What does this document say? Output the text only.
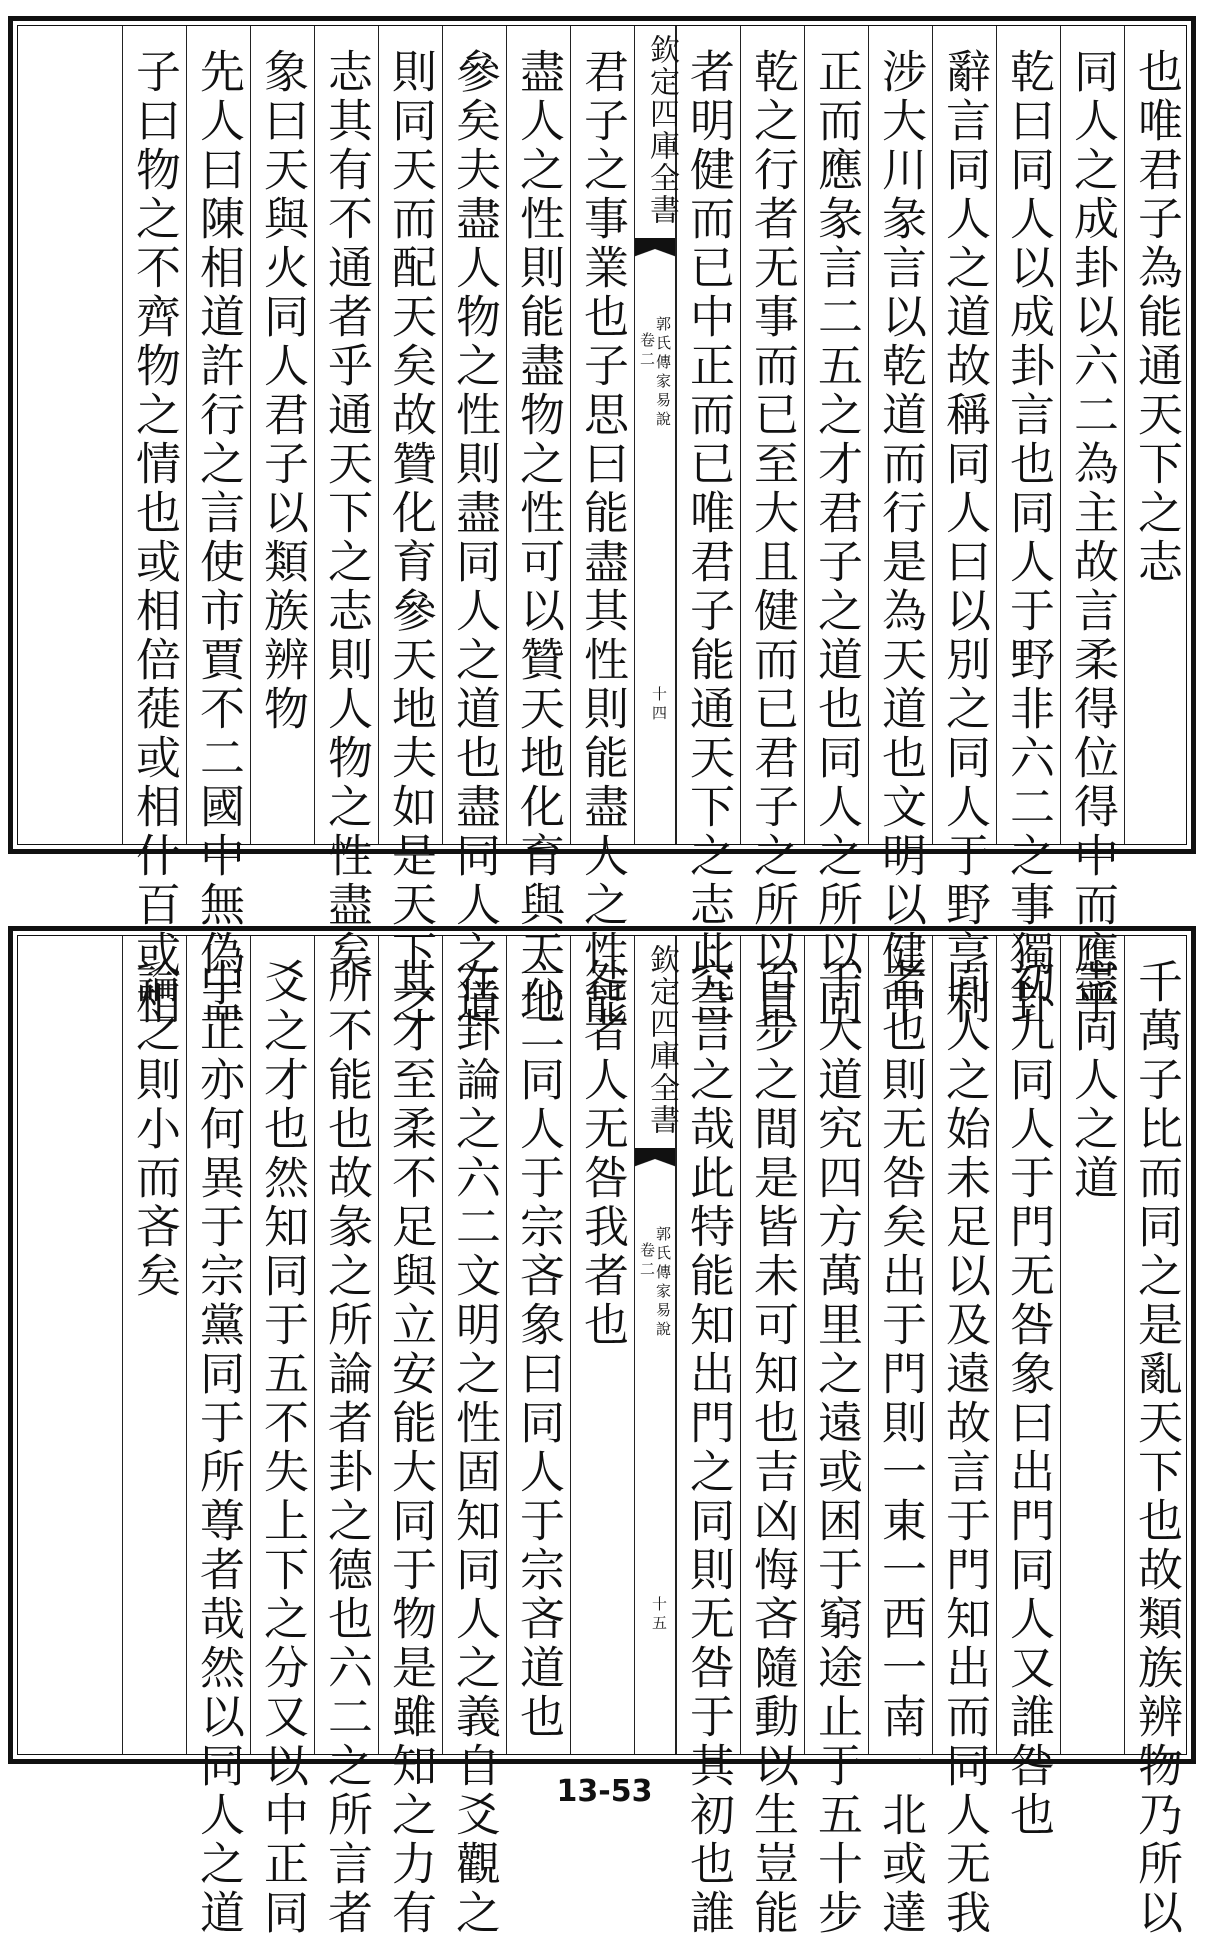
也唯君子為能通天下之志
同人之成卦以六二為主故言柔得位得中而應乎
乾曰同人以成卦言也同人于野非六二之事獨卦
辭言同人之道故稱同人曰以別之同人于野亨利
涉大川彖言以乾道而行是為天道也文明以健中
正而應彖言二五之才君子之道也同人之所以同
乾之行者无事而已至大且健而已君子之所以貞
者明健而已中正而已唯君子能通天下之志此言
欽定四庫全書
郭氏傳家易說
卷二
十四
君子之事業也子思曰能盡其性則能盡人之性能
盡人之性則能盡物之性可以贊天地化育與天地
參矣夫盡人物之性則盡同人之道也盡同人之道
則同天而配天矣故贊化育參天地夫如是天下之
志其有不通者乎通天下之志則人物之性盡矣
象曰天與火同人君子以類族辨物
先人曰陳相道許行之言使市賈不二國中無偽盂
子曰物之不齊物之情也或相倍蓰或相什百或相
千萬子比而同之是亂天下也故類族辨物乃所以
盡同人之道
初九同人于門无咎象曰出門同人又誰咎也
同人之始未足以及遠故言于門知出而同人无我
者也則无咎矣出于門則一東一西一南一北或達
于大道究四方萬里之遠或困于窮途止于五十步
百步之間是皆未可知也吉凶悔吝隨動以生豈能
究言之哉此特能知出門之同則无咎于其初也誰
欽定四庫全書
郭氏傳家易說
卷二
十五
咎者人无咎我者也
六二同人于宗吝象曰同人于宗吝道也
在卦論之六二文明之性固知同人之義自爻觀之
其才至柔不足與立安能大同于物是雖知之力有
所不能也故彖之所論者卦之德也六二之所言者
爻之才也然知同于五不失上下之分又以中正同
中正亦何異于宗黨同于所尊者哉然以同人之道
論之則小而吝矣
13-53
